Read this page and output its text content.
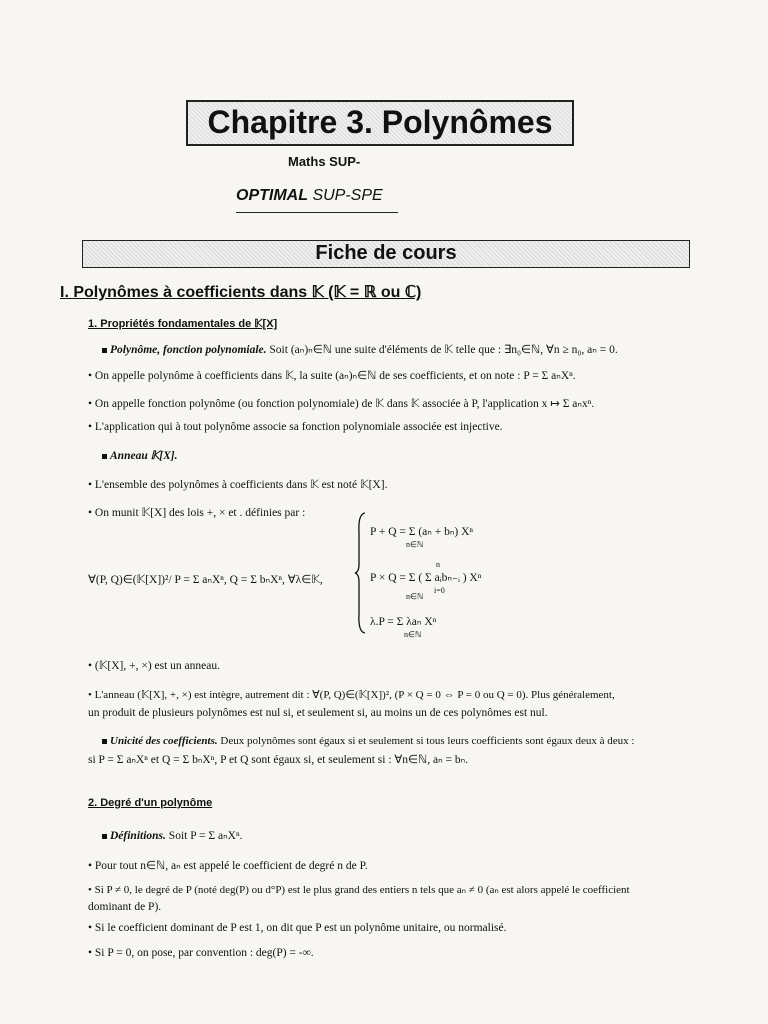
Chapitre 3. Polynômes
Maths SUP-
OPTIMAL SUP-SPE
Fiche de cours
I. Polynômes à coefficients dans 𝕂 (𝕂 = ℝ ou ℂ)
1. Propriétés fondamentales de 𝕂[X]
Polynôme, fonction polynomiale. Soit (aₙ)ₙ∈ℕ une suite d'éléments de 𝕂 telle que : ∃n₀∈ℕ, ∀n ≥ n₀, aₙ = 0.
• On appelle polynôme à coefficients dans 𝕂, la suite (aₙ)ₙ∈ℕ de ses coefficients, et on note : P = Σ aₙXⁿ.
• On appelle fonction polynôme (ou fonction polynomiale) de 𝕂 dans 𝕂 associée à P, l'application x ↦ Σ aₙxⁿ.
• L'application qui à tout polynôme associe sa fonction polynomiale associée est injective.
Anneau 𝕂[X].
• L'ensemble des polynômes à coefficients dans 𝕂 est noté 𝕂[X].
• On munit 𝕂[X] des lois +, × et . définies par :
∀(P, Q)∈(𝕂[X])²/ P = Σ aₙXⁿ, Q = Σ bₙXⁿ, ∀λ∈𝕂,
P + Q = Σ (aₙ + bₙ) Xⁿ
n∈ℕ
n
P × Q = Σ ( Σ aᵢbₙ₋ᵢ ) Xⁿ
i=0
n∈ℕ
λ.P = Σ λaₙ Xⁿ
n∈ℕ
• (𝕂[X], +, ×) est un anneau.
• L'anneau (𝕂[X], +, ×) est intègre, autrement dit : ∀(P, Q)∈(𝕂[X])², (P × Q = 0 ⇔ P = 0 ou Q = 0). Plus généralement,
un produit de plusieurs polynômes est nul si, et seulement si, au moins un de ces polynômes est nul.
Unicité des coefficients. Deux polynômes sont égaux si et seulement si tous leurs coefficients sont égaux deux à deux :
si P = Σ aₙXⁿ et Q = Σ bₙXⁿ, P et Q sont égaux si, et seulement si : ∀n∈ℕ, aₙ = bₙ.
2. Degré d'un polynôme
Définitions. Soit P = Σ aₙXⁿ.
• Pour tout n∈ℕ, aₙ est appelé le coefficient de degré n de P.
• Si P ≠ 0, le degré de P (noté deg(P) ou d°P) est le plus grand des entiers n tels que aₙ ≠ 0 (aₙ est alors appelé le coefficient
dominant de P).
• Si le coefficient dominant de P est 1, on dit que P est un polynôme unitaire, ou normalisé.
• Si P = 0, on pose, par convention : deg(P) = -∞.
